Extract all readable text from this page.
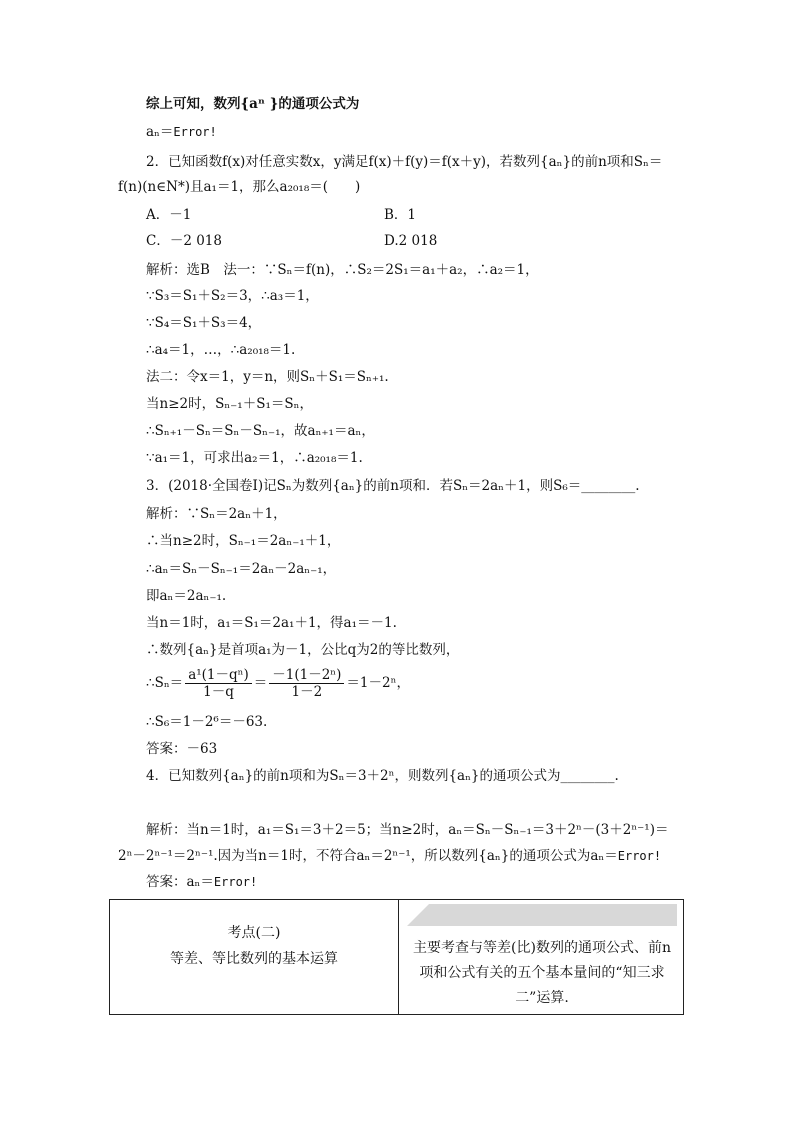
综上可知，数列{aⁿ }的通项公式为
aₙ＝Error!
2．已知函数f(x)对任意实数x，y满足f(x)＋f(y)＝f(x＋y)，若数列{aₙ}的前n项和Sₙ＝
f(n)(n∈N*)且a₁＝1，那么a₂₀₁₈＝(　　)
A．－1	B．1
C．－2 018	D.2 018
解析：选B　法一：∵Sₙ＝f(n)，∴S₂＝2S₁＝a₁＋a₂，∴a₂＝1，
∵S₃＝S₁＋S₂＝3，∴a₃＝1，
∵S₄＝S₁＋S₃＝4，
∴a₄＝1，…，∴a₂₀₁₈＝1.
法二：令x＝1，y＝n，则Sₙ＋S₁＝Sₙ₊₁.
当n≥2时，Sₙ₋₁＋S₁＝Sₙ，
∴Sₙ₊₁－Sₙ＝Sₙ－Sₙ₋₁，故aₙ₊₁＝aₙ，
∵a₁＝1，可求出a₂＝1，∴a₂₀₁₈＝1.
3．(2018·全国卷Ⅰ)记Sₙ为数列{aₙ}的前n项和．若Sₙ＝2aₙ＋1，则S₆＝________.
解析：∵Sₙ＝2aₙ＋1，
∴当n≥2时，Sₙ₋₁＝2aₙ₋₁＋1，
∴aₙ＝Sₙ－Sₙ₋₁＝2aₙ－2aₙ₋₁，
即aₙ＝2aₙ₋₁.
当n＝1时，a₁＝S₁＝2a₁＋1，得a₁＝－1.
∴数列{aₙ}是首项a₁为－1，公比q为2的等比数列，
∴Sₙ＝ $\frac{\text{a¹(1－qⁿ)}}{1-q} = \frac{\text{－1(1－2ⁿ)}}{1-2} =1-2^n$，
∴S₆＝1－2⁶＝－63.
答案：－63
4．已知数列{aₙ}的前n项和为Sₙ＝3＋2ⁿ，则数列{aₙ}的通项公式为________.
解析：当n＝1时，a₁＝S₁＝3＋2＝5；当n≥2时，aₙ＝Sₙ－Sₙ₋₁＝3＋2ⁿ－(3＋2ⁿ⁻¹)＝
2ⁿ－2ⁿ⁻¹＝2ⁿ⁻¹.因为当n＝1时，不符合aₙ＝2ⁿ⁻¹，所以数列{aₙ}的通项公式为aₙ＝Error!
答案：aₙ＝Error!
考点(二)
等差、等比数列的基本运算
主要考查与等差(比)数列的通项公式、前n项和公式有关的五个基本量间的“知三求二”运算.
